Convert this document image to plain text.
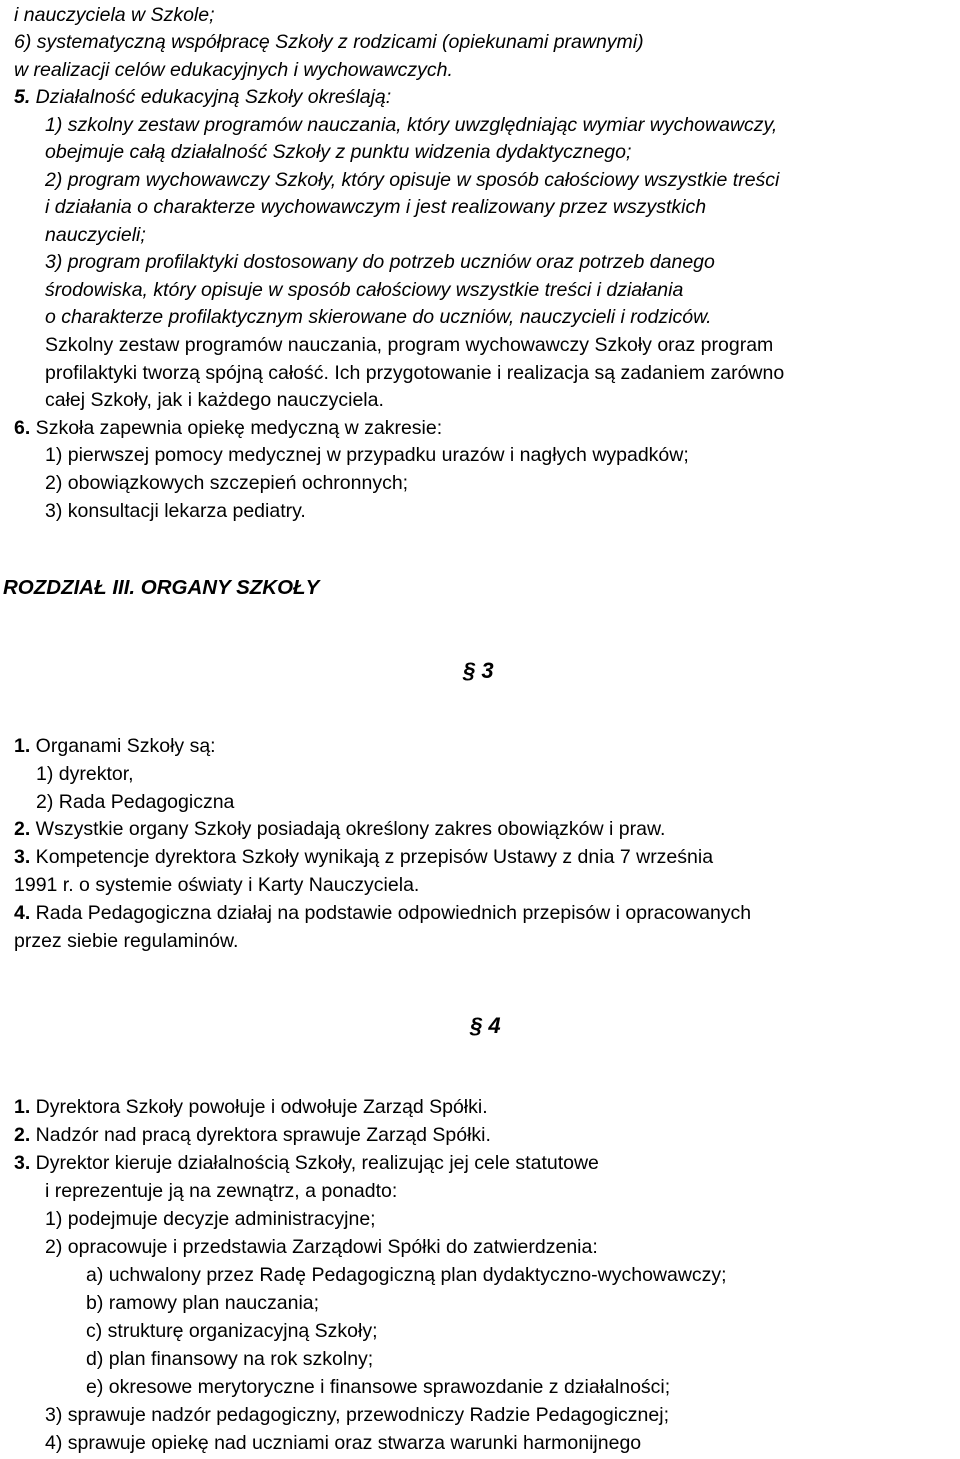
i nauczyciela w Szkole;
6) systematyczną współpracę Szkoły z rodzicami (opiekunami prawnymi)
w realizacji celów edukacyjnych i wychowawczych.
5. Działalność edukacyjną Szkoły określają:
1) szkolny zestaw programów nauczania, który uwzględniając wymiar wychowawczy,
obejmuje całą działalność Szkoły z punktu widzenia dydaktycznego;
2) program wychowawczy Szkoły, który opisuje w sposób całościowy wszystkie treści
i działania o charakterze wychowawczym i jest realizowany przez wszystkich
nauczycieli;
3) program profilaktyki dostosowany do potrzeb uczniów oraz potrzeb danego
środowiska, który opisuje w sposób całościowy wszystkie treści i działania
o charakterze profilaktycznym skierowane do uczniów, nauczycieli i rodziców.
Szkolny zestaw programów nauczania, program wychowawczy Szkoły oraz program
profilaktyki tworzą spójną całość. Ich przygotowanie i realizacja są zadaniem zarówno
całej Szkoły, jak i każdego nauczyciela.
6. Szkoła zapewnia opiekę medyczną w zakresie:
1) pierwszej pomocy medycznej w przypadku urazów i nagłych wypadków;
2) obowiązkowych szczepień ochronnych;
3) konsultacji lekarza pediatry.
ROZDZIAŁ III. ORGANY SZKOŁY
§ 3
1. Organami Szkoły są:
1) dyrektor,
2) Rada Pedagogiczna
2. Wszystkie organy Szkoły posiadają określony zakres obowiązków i praw.
3. Kompetencje dyrektora Szkoły wynikają z przepisów Ustawy z dnia 7 września
1991 r. o systemie oświaty i Karty Nauczyciela.
4. Rada Pedagogiczna działaj na podstawie odpowiednich przepisów i opracowanych
przez siebie regulaminów.
§ 4
1. Dyrektora Szkoły powołuje i odwołuje Zarząd Spółki.
2. Nadzór nad pracą dyrektora sprawuje Zarząd Spółki.
3. Dyrektor kieruje działalnością Szkoły, realizując jej cele statutowe
i reprezentuje ją na zewnątrz, a ponadto:
1) podejmuje decyzje administracyjne;
2) opracowuje i przedstawia Zarządowi Spółki do zatwierdzenia:
a) uchwalony przez Radę Pedagogiczną plan dydaktyczno-wychowawczy;
b) ramowy plan nauczania;
c) strukturę organizacyjną Szkoły;
d) plan finansowy na rok szkolny;
e) okresowe merytoryczne i finansowe sprawozdanie z działalności;
3) sprawuje nadzór pedagogiczny, przewodniczy Radzie Pedagogicznej;
4) sprawuje opiekę nad uczniami oraz stwarza warunki harmonijnego
